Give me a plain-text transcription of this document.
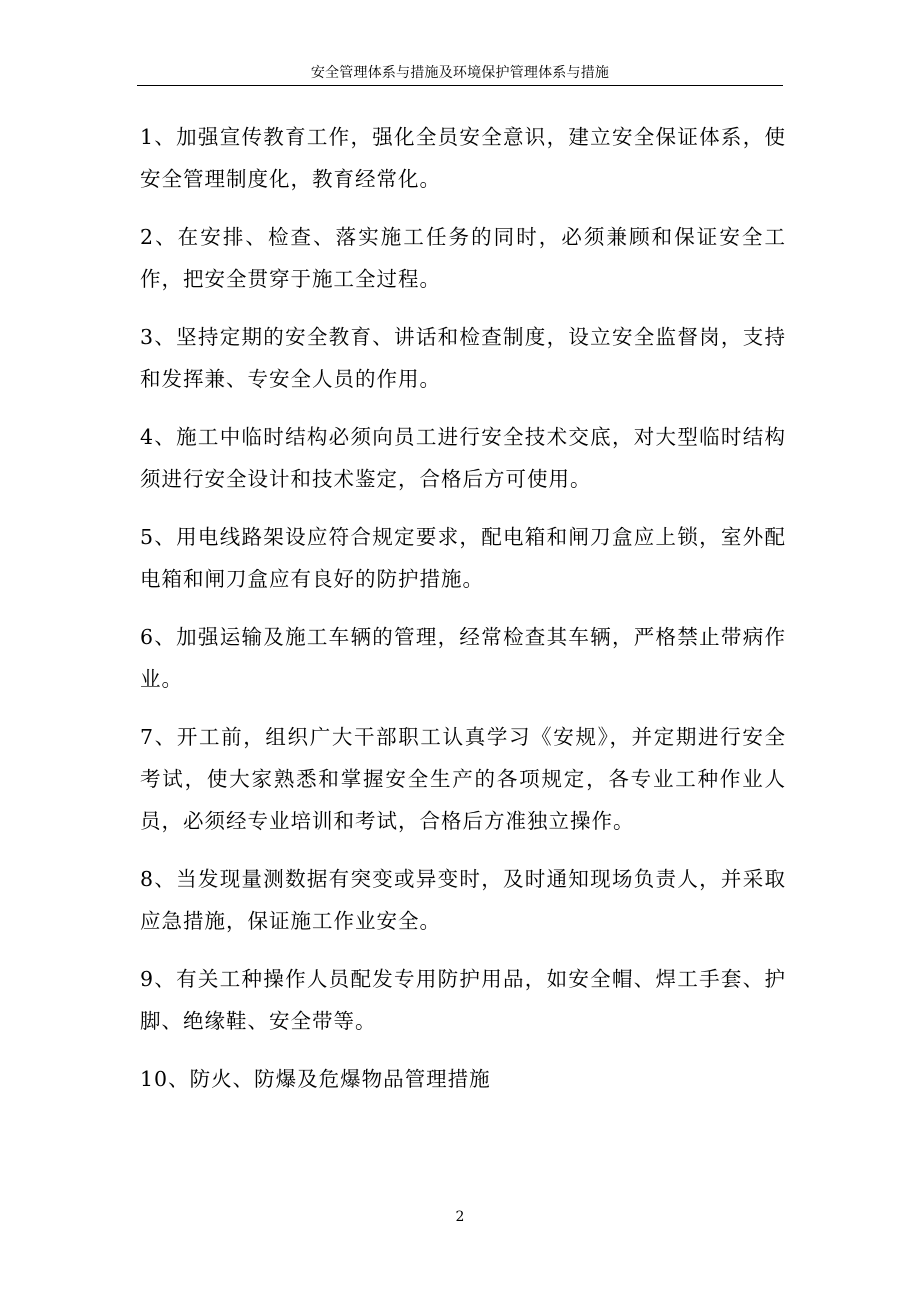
安全管理体系与措施及环境保护管理体系与措施

1、加强宣传教育工作，强化全员安全意识，建立安全保证体系，使安全管理制度化，教育经常化。

2、在安排、检查、落实施工任务的同时，必须兼顾和保证安全工作，把安全贯穿于施工全过程。

3、坚持定期的安全教育、讲话和检查制度，设立安全监督岗，支持和发挥兼、专安全人员的作用。

4、施工中临时结构必须向员工进行安全技术交底，对大型临时结构须进行安全设计和技术鉴定，合格后方可使用。

5、用电线路架设应符合规定要求，配电箱和闸刀盒应上锁，室外配电箱和闸刀盒应有良好的防护措施。

6、加强运输及施工车辆的管理，经常检查其车辆，严格禁止带病作业。

7、开工前，组织广大干部职工认真学习《安规》，并定期进行安全考试，使大家熟悉和掌握安全生产的各项规定，各专业工种作业人员，必须经专业培训和考试，合格后方准独立操作。

8、当发现量测数据有突变或异变时，及时通知现场负责人，并采取应急措施，保证施工作业安全。

9、有关工种操作人员配发专用防护用品，如安全帽、焊工手套、护脚、绝缘鞋、安全带等。

10、防火、防爆及危爆物品管理措施

2
